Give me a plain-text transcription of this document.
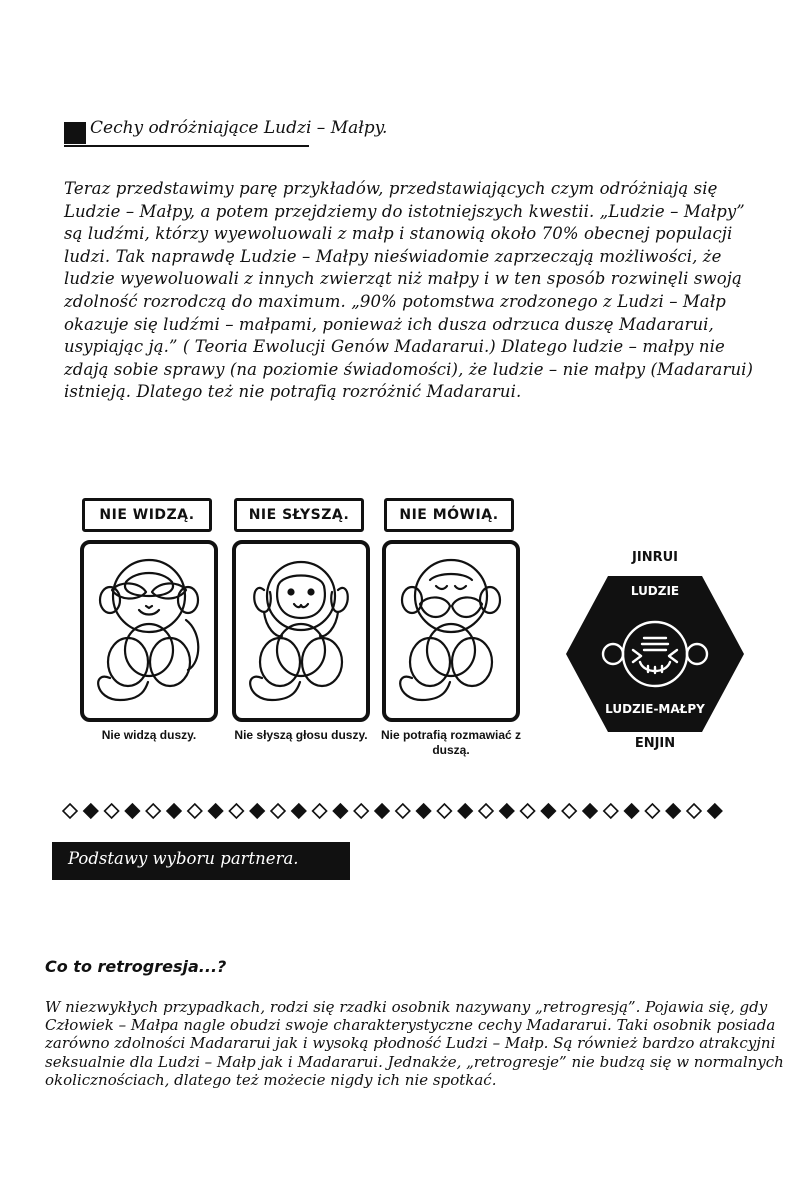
Cechy odróżniające Ludzi – Małpy.

Teraz przedstawimy parę przykładów, przedstawiających czym odróżniają się Ludzie – Małpy, a potem przejdziemy do istotniejszych kwestii. „Ludzie – Małpy” są ludźmi, którzy wyewoluowali z małp i stanowią około 70% obecnej populacji ludzi. Tak naprawdę Ludzie – Małpy nieświadomie zaprzeczają możliwości, że ludzie wyewoluowali z innych zwierząt niż małpy i w ten sposób rozwinęli swoją zdolność rozrodczą do maximum. „90% potomstwa zrodzonego z Ludzi – Małp okazuje się ludźmi – małpami, ponieważ ich dusza odrzuca duszę Madararui, usypiając ją.” ( Teoria Ewolucji Genów Madararui.) Dlatego ludzie – małpy nie zdają sobie sprawy (na poziomie świadomości), że ludzie – nie małpy (Madararui) istnieją. Dlatego też nie potrafią rozróżnić Madararui.

NIE WIDZĄ.
Nie widzą duszy.
NIE SŁYSZĄ.
Nie słyszą głosu duszy.
NIE MÓWIĄ.
Nie potrafią rozmawiać z duszą.
JINRUI
LUDZIE
LUDZIE-MAŁPY
ENJIN
Podstawy wyboru partnera.
Co to retrogresja...?

W niezwykłych przypadkach, rodzi się rzadki osobnik nazywany „retrogresją”. Pojawia się, gdy Człowiek – Małpa nagle obudzi swoje charakterystyczne cechy Madararui. Taki osobnik posiada zarówno zdolności Madararui jak i wysoką płodność Ludzi – Małp. Są również bardzo atrakcyjni seksualnie dla Ludzi – Małp jak i Madararui. Jednakże, „retrogresje” nie budzą się w normalnych okolicznościach, dlatego też możecie nigdy ich nie spotkać.
